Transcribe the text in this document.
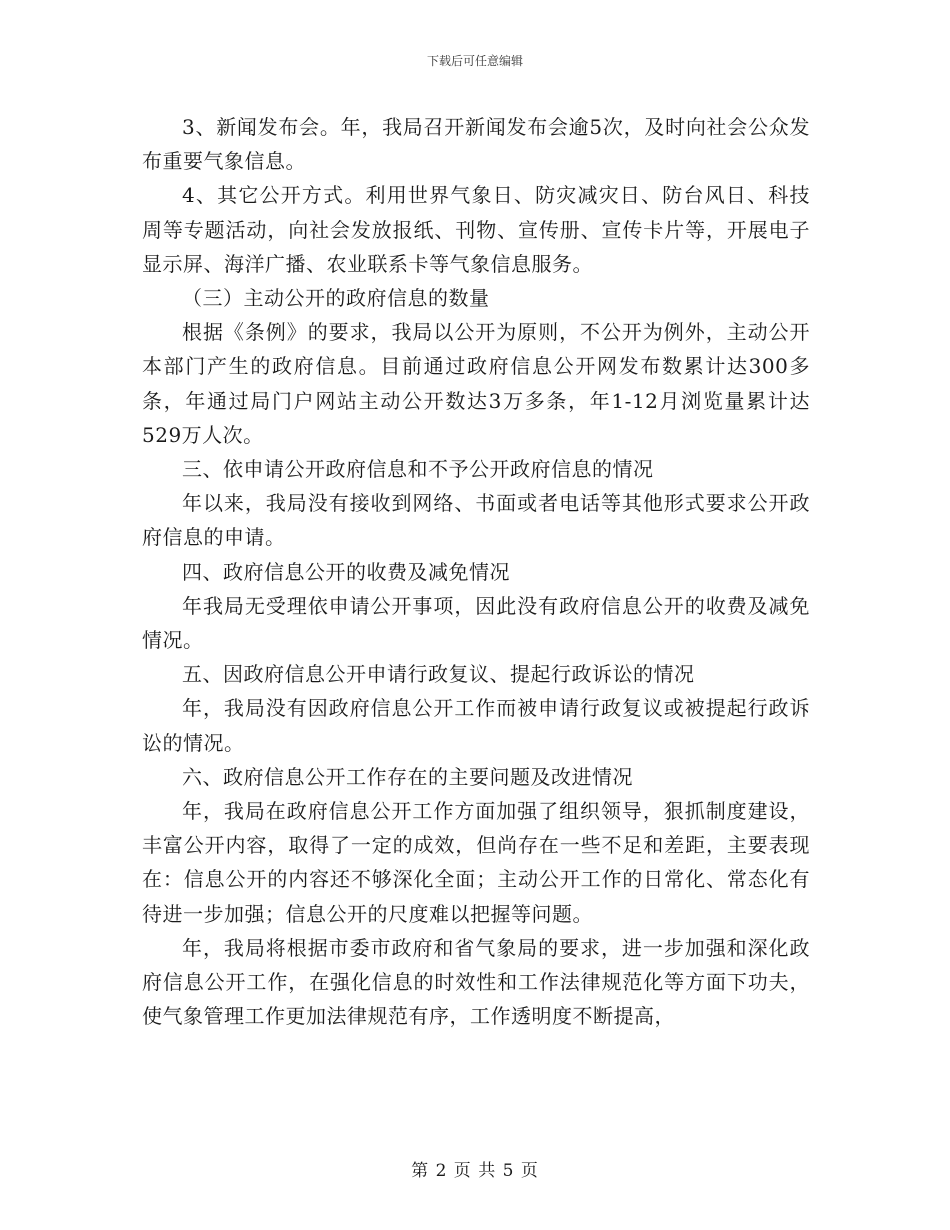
下载后可任意编辑

3、新闻发布会。年，我局召开新闻发布会逾5次，及时向社会公众发布重要气象信息。

4、其它公开方式。利用世界气象日、防灾减灾日、防台风日、科技周等专题活动，向社会发放报纸、刊物、宣传册、宣传卡片等，开展电子显示屏、海洋广播、农业联系卡等气象信息服务。

（三）主动公开的政府信息的数量

根据《条例》的要求，我局以公开为原则，不公开为例外，主动公开本部门产生的政府信息。目前通过政府信息公开网发布数累计达300多条，年通过局门户网站主动公开数达3万多条，年1-12月浏览量累计达529万人次。

三、依申请公开政府信息和不予公开政府信息的情况

年以来，我局没有接收到网络、书面或者电话等其他形式要求公开政府信息的申请。

四、政府信息公开的收费及减免情况

年我局无受理依申请公开事项，因此没有政府信息公开的收费及减免情况。

五、因政府信息公开申请行政复议、提起行政诉讼的情况

年，我局没有因政府信息公开工作而被申请行政复议或被提起行政诉讼的情况。

六、政府信息公开工作存在的主要问题及改进情况

年，我局在政府信息公开工作方面加强了组织领导，狠抓制度建设，丰富公开内容，取得了一定的成效，但尚存在一些不足和差距，主要表现在：信息公开的内容还不够深化全面；主动公开工作的日常化、常态化有待进一步加强；信息公开的尺度难以把握等问题。

年，我局将根据市委市政府和省气象局的要求，进一步加强和深化政府信息公开工作，在强化信息的时效性和工作法律规范化等方面下功夫，使气象管理工作更加法律规范有序，工作透明度不断提高，

第 2 页 共 5 页
